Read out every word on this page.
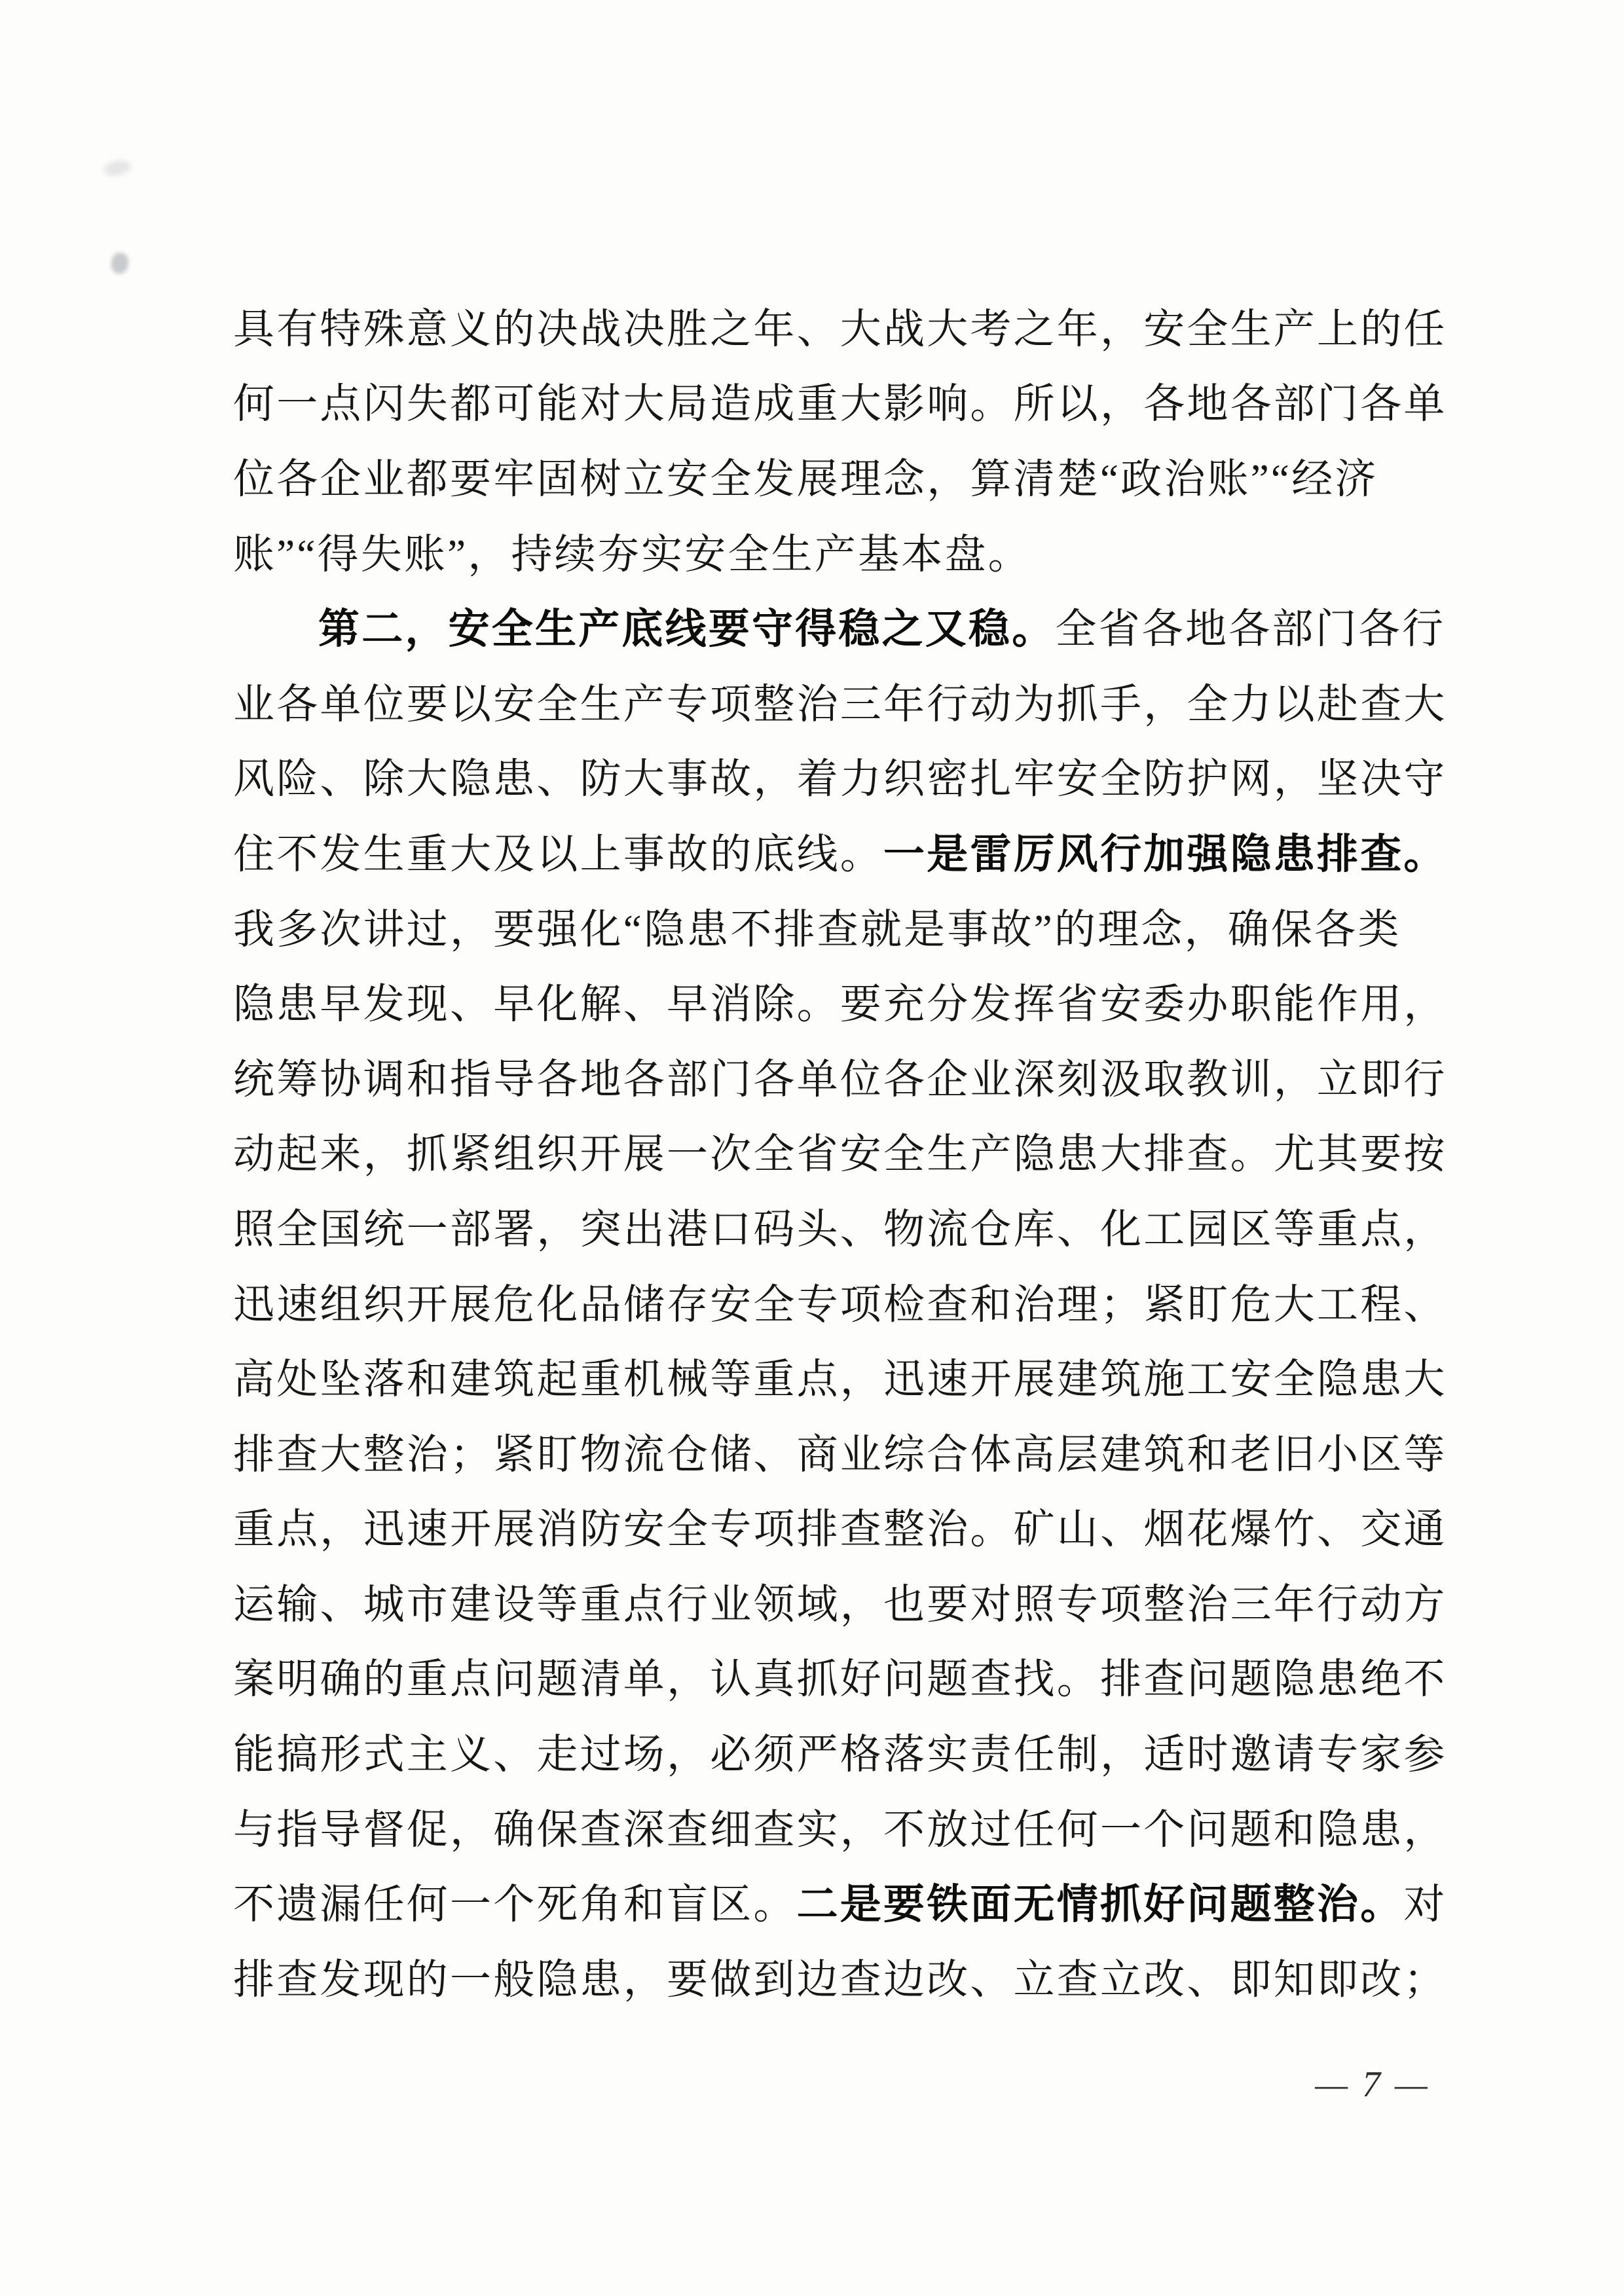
具有特殊意义的决战决胜之年、大战大考之年，安全生产上的任
何一点闪失都可能对大局造成重大影响。所以，各地各部门各单
位各企业都要牢固树立安全发展理念，算清楚“政治账”“经济
账”“得失账”，持续夯实安全生产基本盘。
第二，安全生产底线要守得稳之又稳。 全省各地各部门各行
业各单位要以安全生产专项整治三年行动为抓手，全力以赴查大
风险、除大隐患、防大事故，着力织密扎牢安全防护网，坚决守
住不发生重大及以上事故的底线。 一是雷厉风行加强隐患排查。
我多次讲过，要强化“隐患不排查就是事故”的理念，确保各类
隐患早发现、早化解、早消除。要充分发挥省安委办职能作用，
统筹协调和指导各地各部门各单位各企业深刻汲取教训，立即行
动起来，抓紧组织开展一次全省安全生产隐患大排查。尤其要按
照全国统一部署，突出港口码头、物流仓库、化工园区等重点，
迅速组织开展危化品储存安全专项检查和治理；紧盯危大工程、
高处坠落和建筑起重机械等重点，迅速开展建筑施工安全隐患大
排查大整治；紧盯物流仓储、商业综合体高层建筑和老旧小区等
重点，迅速开展消防安全专项排查整治。矿山、烟花爆竹、交通
运输、城市建设等重点行业领域，也要对照专项整治三年行动方
案明确的重点问题清单，认真抓好问题查找。排查问题隐患绝不
能搞形式主义、走过场，必须严格落实责任制，适时邀请专家参
与指导督促，确保查深查细查实，不放过任何一个问题和隐患，
不遗漏任何一个死角和盲区。 二是要铁面无情抓好问题整治。 对
排查发现的一般隐患，要做到边查边改、立查立改、即知即改；
— 7 —
